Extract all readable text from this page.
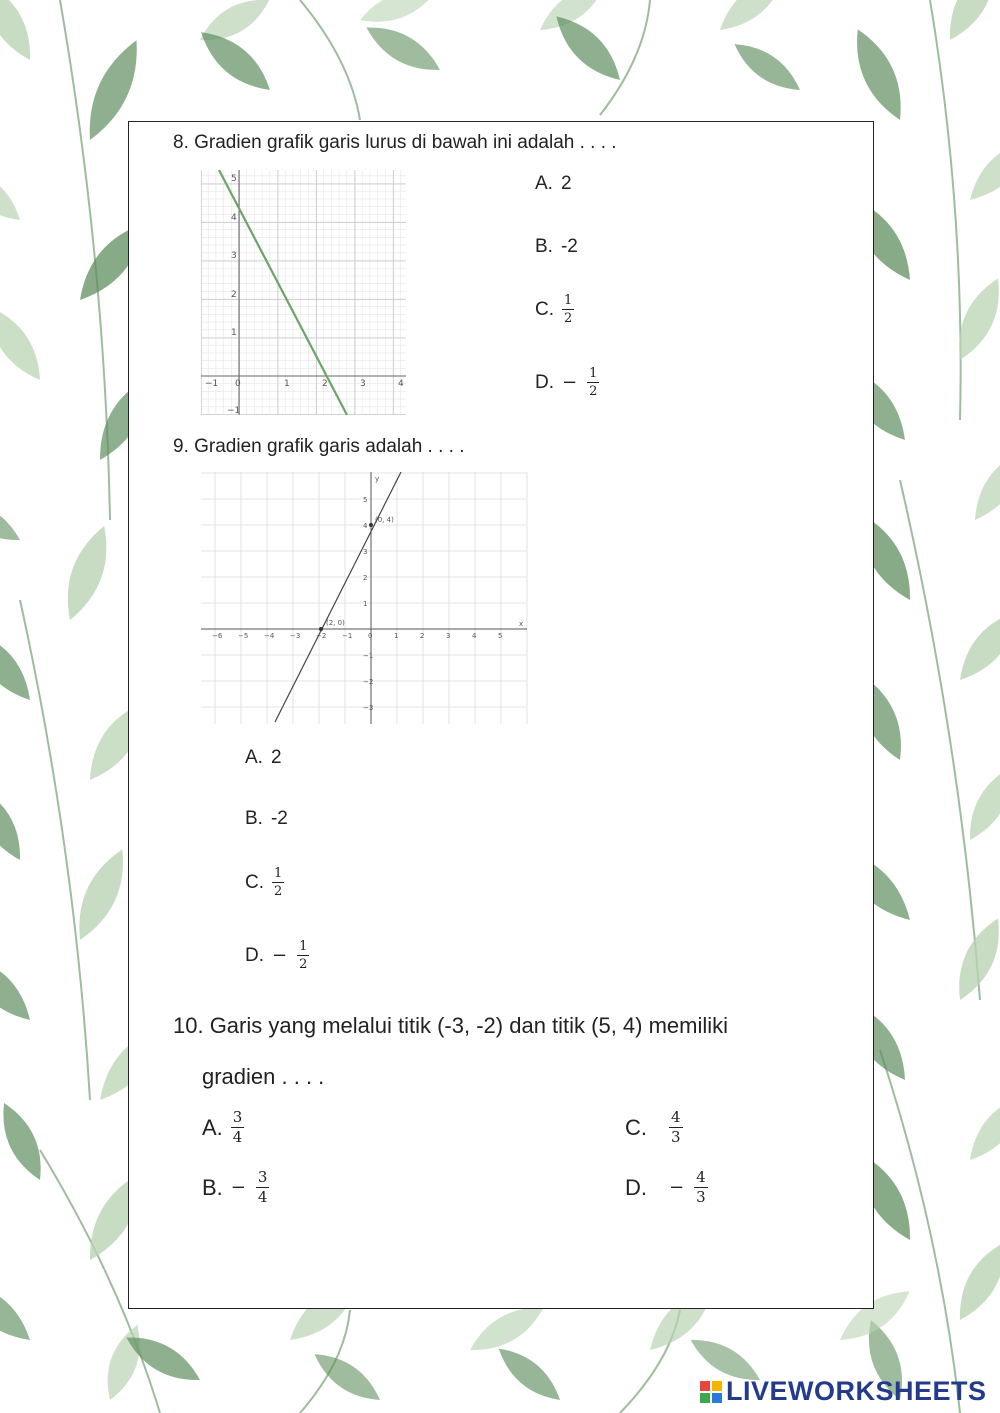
8. Gradien grafik garis lurus di bawah ini adalah . . . .
−1 0	1	2	3	4
5
4
3
2
1
−1
A. 2
B. -2
C. $\frac{1}{2}$
D. − $\frac{1}{2}$
9. Gradien grafik garis adalah . . . .
x
y
−6 −5 −4 −3 −2 −1 0	1	2	3	4	5
5
4
3
2
1
−1
−2
−3
(2, 0)
(0, 4)
A. 2
B. -2
C. $\frac{1}{2}$
D. − $\frac{1}{2}$
10. Garis yang melalui titik (-3, -2) dan titik (5, 4) memiliki
gradien . . . .
A. $\frac{3}{4}$
B. − $\frac{3}{4}$
C. $\frac{4}{3}$
D. − $\frac{4}{3}$
LIVEWORKSHEETS
